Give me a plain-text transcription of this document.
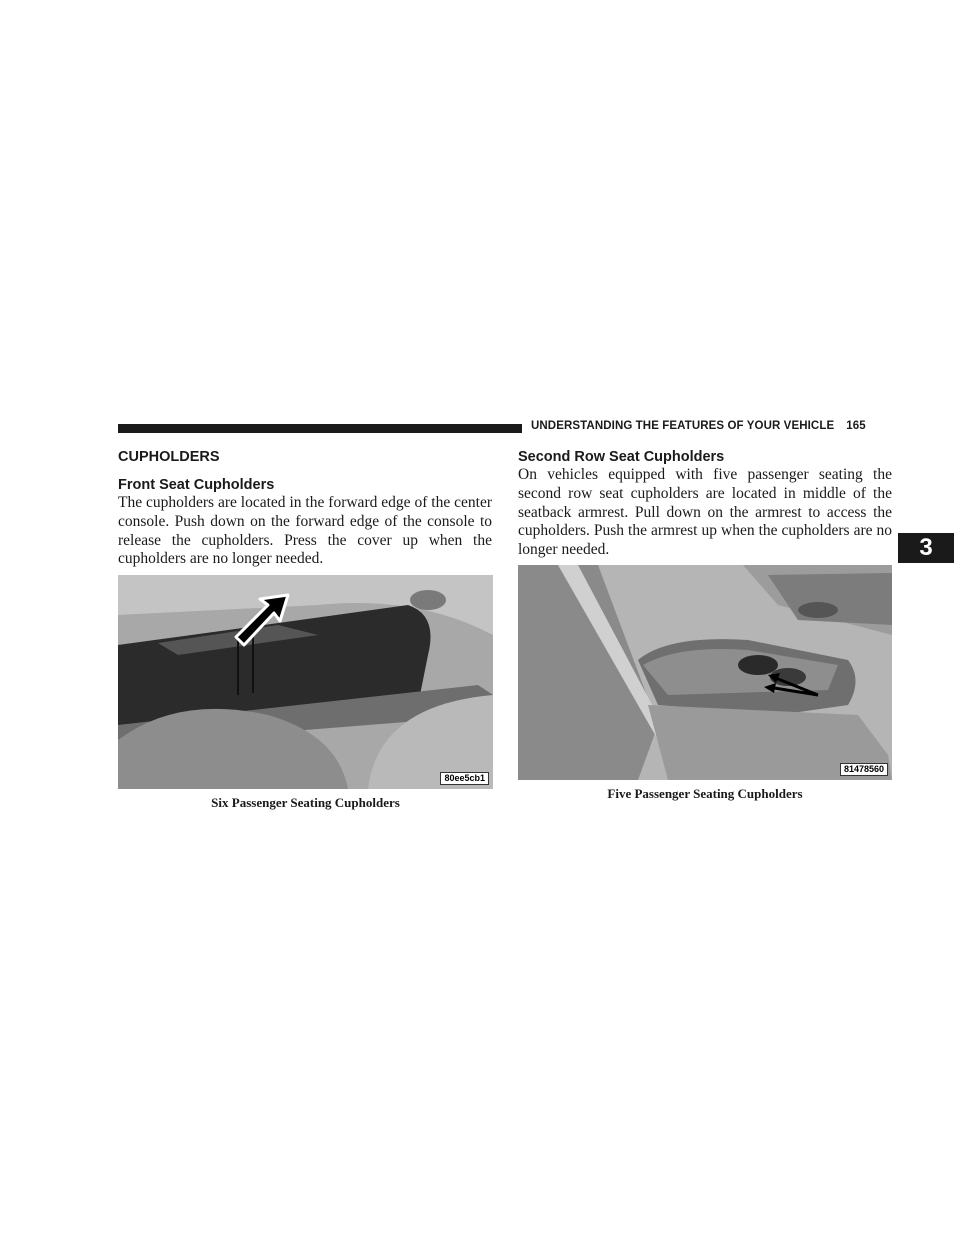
UNDERSTANDING THE FEATURES OF YOUR VEHICLE 165
3
CUPHOLDERS
Front Seat Cupholders

The cupholders are located in the forward edge of the center console. Push down on the forward edge of the console to release the cupholders. Press the cover up when the cupholders are no longer needed.

Second Row Seat Cupholders

On vehicles equipped with five passenger seating the second row seat cupholders are located in middle of the seatback armrest. Pull down on the armrest to access the cupholders. Push the armrest up when the cupholders are no longer needed.

80ee5cb1
Six Passenger Seating Cupholders
81478560
Five Passenger Seating Cupholders
